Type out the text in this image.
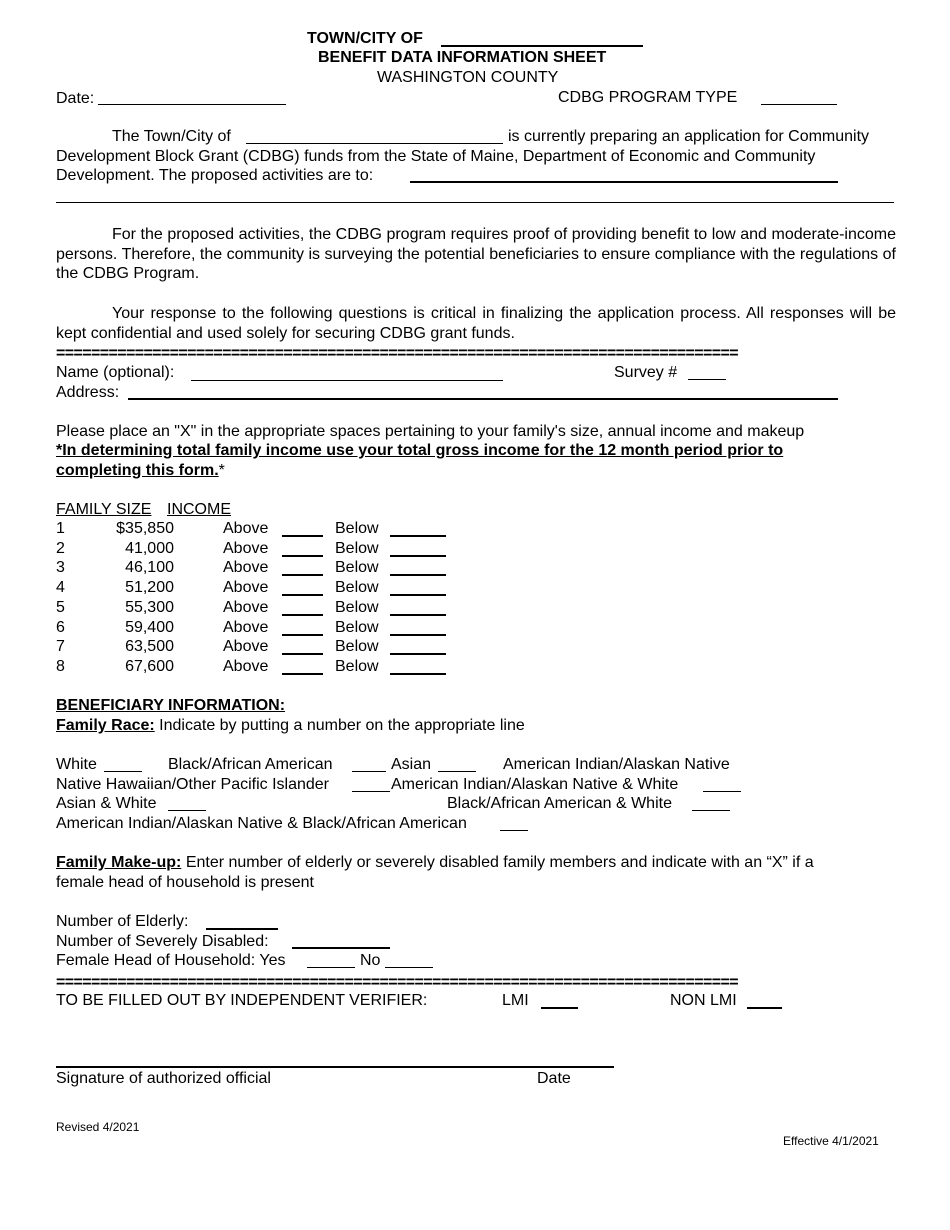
TOWN/CITY OF
BENEFIT DATA INFORMATION SHEET
WASHINGTON COUNTY
Date:	CDBG PROGRAM TYPE
The Town/City of	is currently preparing an application for Community
Development Block Grant (CDBG) funds from the State of Maine, Department of Economic and Community
Development. The proposed activities are to:
For the proposed activities, the CDBG program requires proof of providing benefit to low and moderate-income persons. Therefore, the community is surveying the potential beneficiaries to ensure compliance with the regulations of the CDBG Program.
Your response to the following questions is critical in finalizing the application process. All responses will be kept confidential and used solely for securing CDBG grant funds.
==============================================================================
Name (optional):	Survey #
Address:
Please place an "X" in the appropriate spaces pertaining to your family's size, annual income and makeup
*In determining total family income use your total gross income for the 12 month period prior to completing this form.*
FAMILY SIZE INCOME
1	$35,850	Above	Below
2	41,000	Above	Below
3	46,100	Above	Below
4	51,200	Above	Below
5	55,300	Above	Below
6	59,400	Above	Below
7	63,500	Above	Below
8	67,600	Above	Below
BENEFICIARY INFORMATION:
Family Race: Indicate by putting a number on the appropriate line
White	Black/African American	Asian	American Indian/Alaskan Native
Native Hawaiian/Other Pacific Islander	American Indian/Alaskan Native & White
Asian & White	Black/African American & White
American Indian/Alaskan Native & Black/African American
Family Make-up: Enter number of elderly or severely disabled family members and indicate with an “X” if a
female head of household is present
Number of Elderly:
Number of Severely Disabled:
Female Head of Household: Yes	No
==============================================================================
TO BE FILLED OUT BY INDEPENDENT VERIFIER:	LMI	NON LMI
Signature of authorized official	Date
Revised 4/2021
Effective 4/1/2021
